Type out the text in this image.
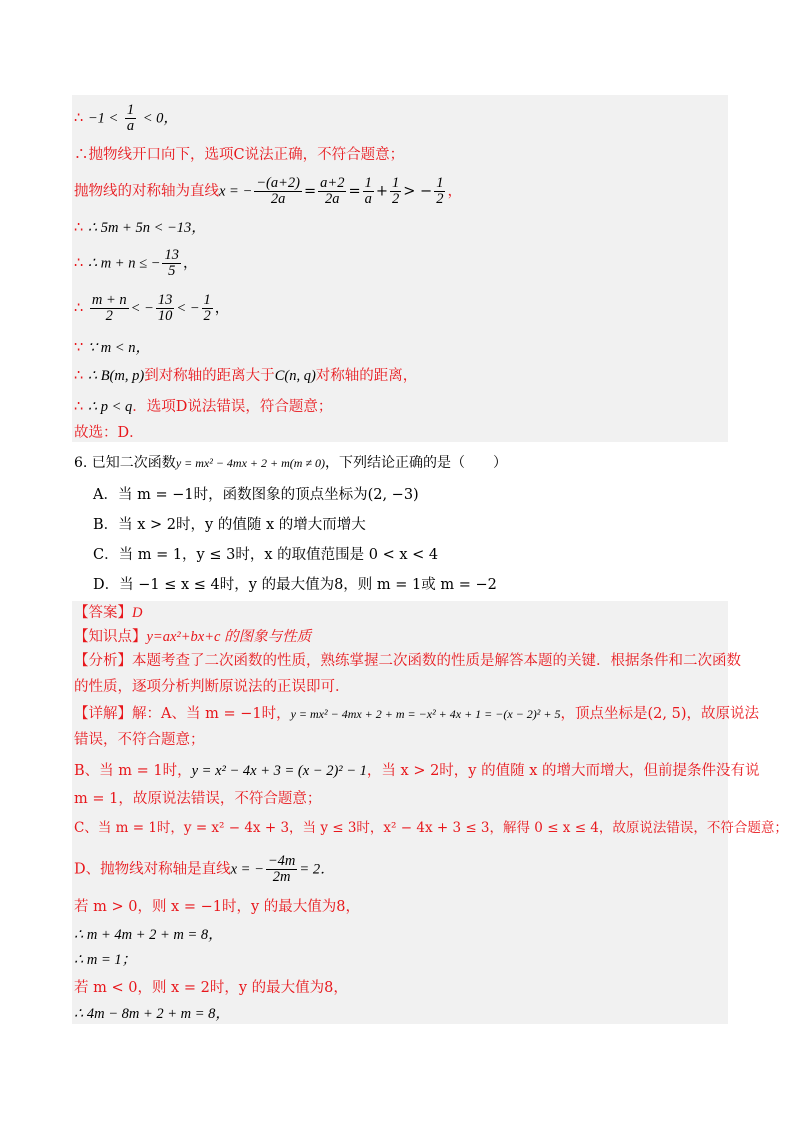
∴ $-1 < \frac{1}{a} < 0$，
∴抛物线开口向下，选项C说法正确，不符合题意；
抛物线的对称轴为直线x = − $\frac{-(a+2)}{2a} = \frac{a+2}{2a} = \frac{1}{a} + \frac{1}{2}$ > − $\frac{1}{2}$ ，
∴ ∴ 5m + 5n < −13，
∴ ∴ m + n ≤ − $\frac{13}{5}$ ，
∴ $\frac{m + n}{2}$ < − $\frac{13}{10}$ < − $\frac{1}{2}$ ，
∵ ∵ m < n，
∴ ∴ B(m, p)到对称轴的距离大于C(n, q)对称轴的距离，
∴ ∴ p < q．选项D说法错误，符合题意；
故选：D．
6. 已知二次函数y = mx² − 4mx + 2 + m(m ≠ 0)，下列结论正确的是（　　）
A．当 m = −1时，函数图象的顶点坐标为(2, −3)
B．当 x > 2时，y 的值随 x 的增大而增大
C．当 m = 1，y ≤ 3时，x 的取值范围是 0 < x < 4
D．当 −1 ≤ x ≤ 4时，y 的最大值为8，则 m = 1或 m = −2
【答案】D
【知识点】y=ax²+bx+c 的图象与性质
【分析】本题考查了二次函数的性质，熟练掌握二次函数的性质是解答本题的关键．根据条件和二次函数
的性质，逐项分析判断原说法的正误即可．
【详解】解：A、当 m = −1时，y = mx² − 4mx + 2 + m = −x² + 4x + 1 = −(x − 2)² + 5，顶点坐标是(2, 5)，故原说法
错误，不符合题意；
B、当 m = 1时，y = x² − 4x + 3 = (x − 2)² − 1，当 x > 2时，y 的值随 x 的增大而增大，但前提条件没有说
m = 1，故原说法错误，不符合题意；
C、当 m = 1时，y = x² − 4x + 3，当 y ≤ 3时，x² − 4x + 3 ≤ 3，解得 0 ≤ x ≤ 4，故原说法错误，不符合题意；
D、抛物线对称轴是直线x = − $\frac{-4m}{2m} = 2$．
若 m > 0，则 x = −1时，y 的最大值为8，
∴ m + 4m + 2 + m = 8，
∴ m = 1；
若 m < 0，则 x = 2时，y 的最大值为8，
∴ 4m − 8m + 2 + m = 8，
